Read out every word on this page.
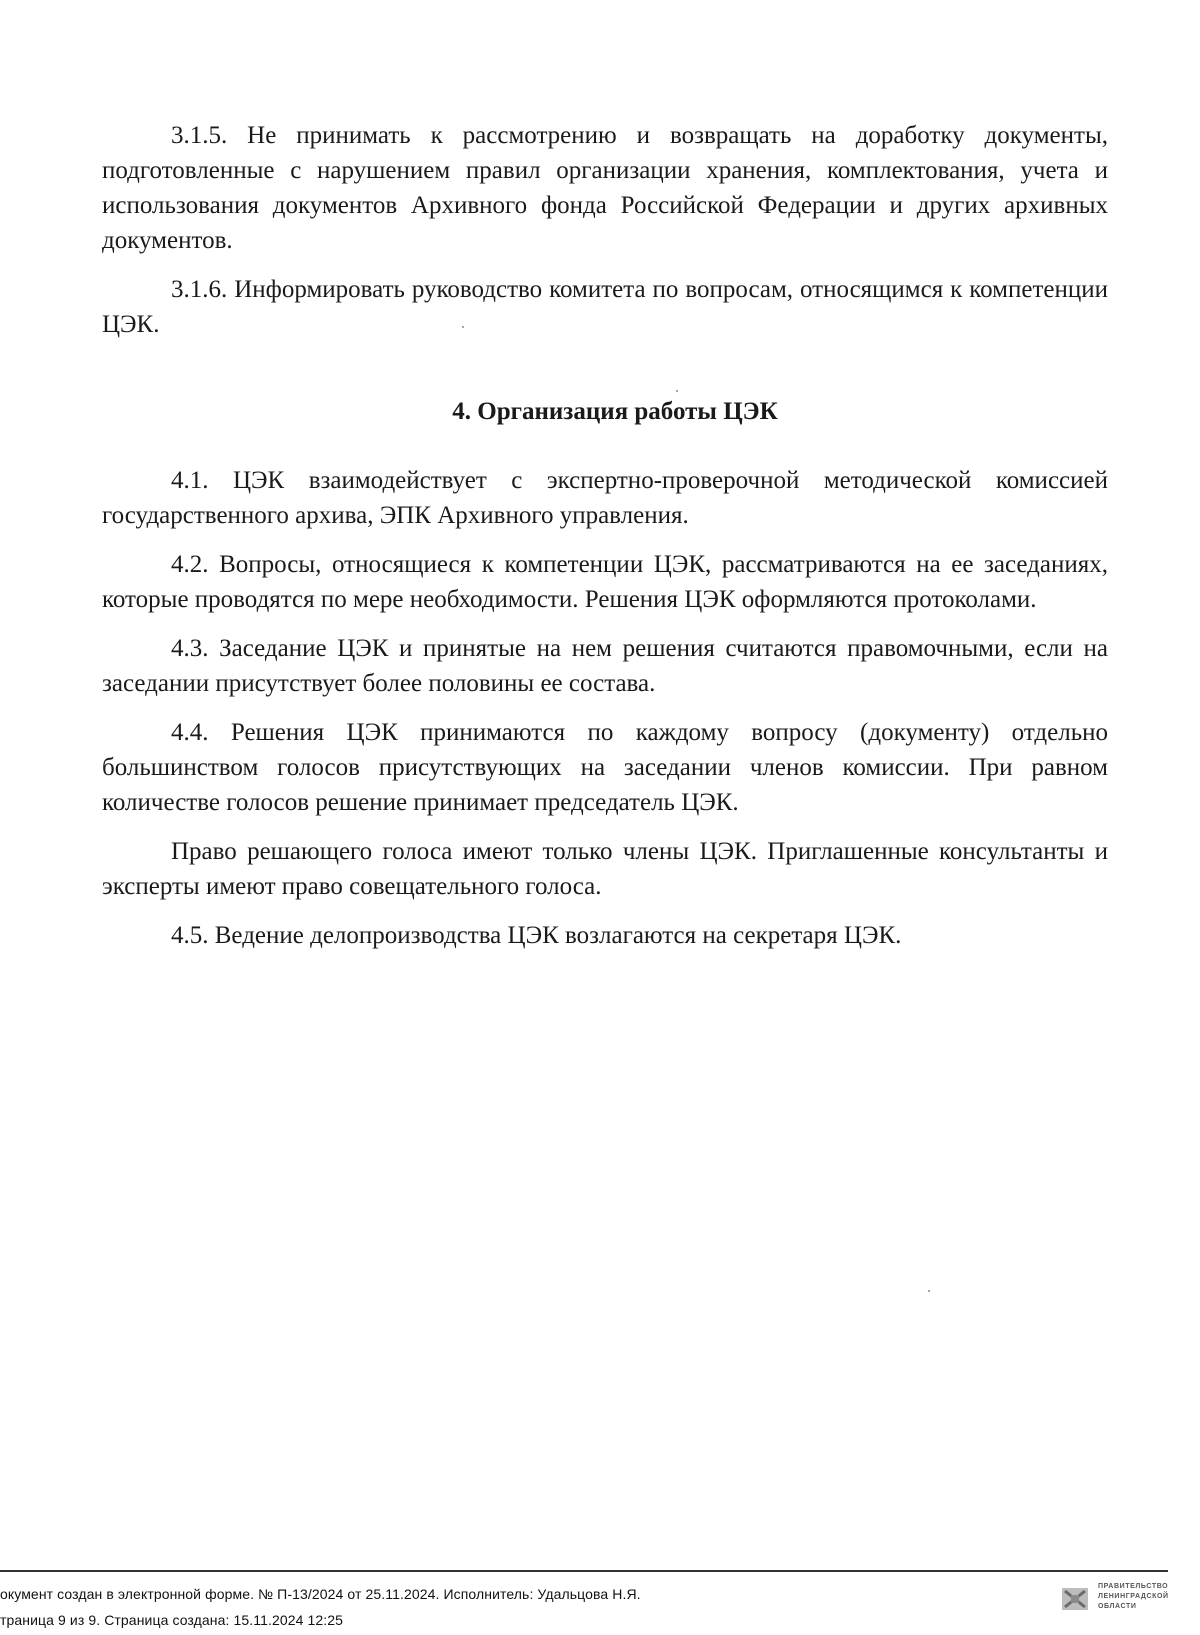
3.1.5. Не принимать к рассмотрению и возвращать на доработку документы, подготовленные с нарушением правил организации хранения, комплектования, учета и использования документов Архивного фонда Российской Федерации и других архивных документов.

3.1.6. Информировать руководство комитета по вопросам, относящимся к компетенции ЦЭК.

4. Организация работы ЦЭК

4.1. ЦЭК взаимодействует с экспертно-проверочной методической комиссией государственного архива, ЭПК Архивного управления.

4.2. Вопросы, относящиеся к компетенции ЦЭК, рассматриваются на ее заседаниях, которые проводятся по мере необходимости. Решения ЦЭК оформляются протоколами.

4.3. Заседание ЦЭК и принятые на нем решения считаются правомочными, если на заседании присутствует более половины ее состава.

4.4. Решения ЦЭК принимаются по каждому вопросу (документу) отдельно большинством голосов присутствующих на заседании членов комиссии. При равном количестве голосов решение принимает председатель ЦЭК.

Право решающего голоса имеют только члены ЦЭК. Приглашенные консультанты и эксперты имеют право совещательного голоса.

4.5. Ведение делопроизводства ЦЭК возлагаются на секретаря ЦЭК.

окумент создан в электронной форме. № П-13/2024 от 25.11.2024. Исполнитель: Удальцова Н.Я.
траница 9 из 9. Страница создана: 15.11.2024 12:25
ПРАВИТЕЛЬСТВО
ЛЕНИНГРАДСКОЙ
ОБЛАСТИ
